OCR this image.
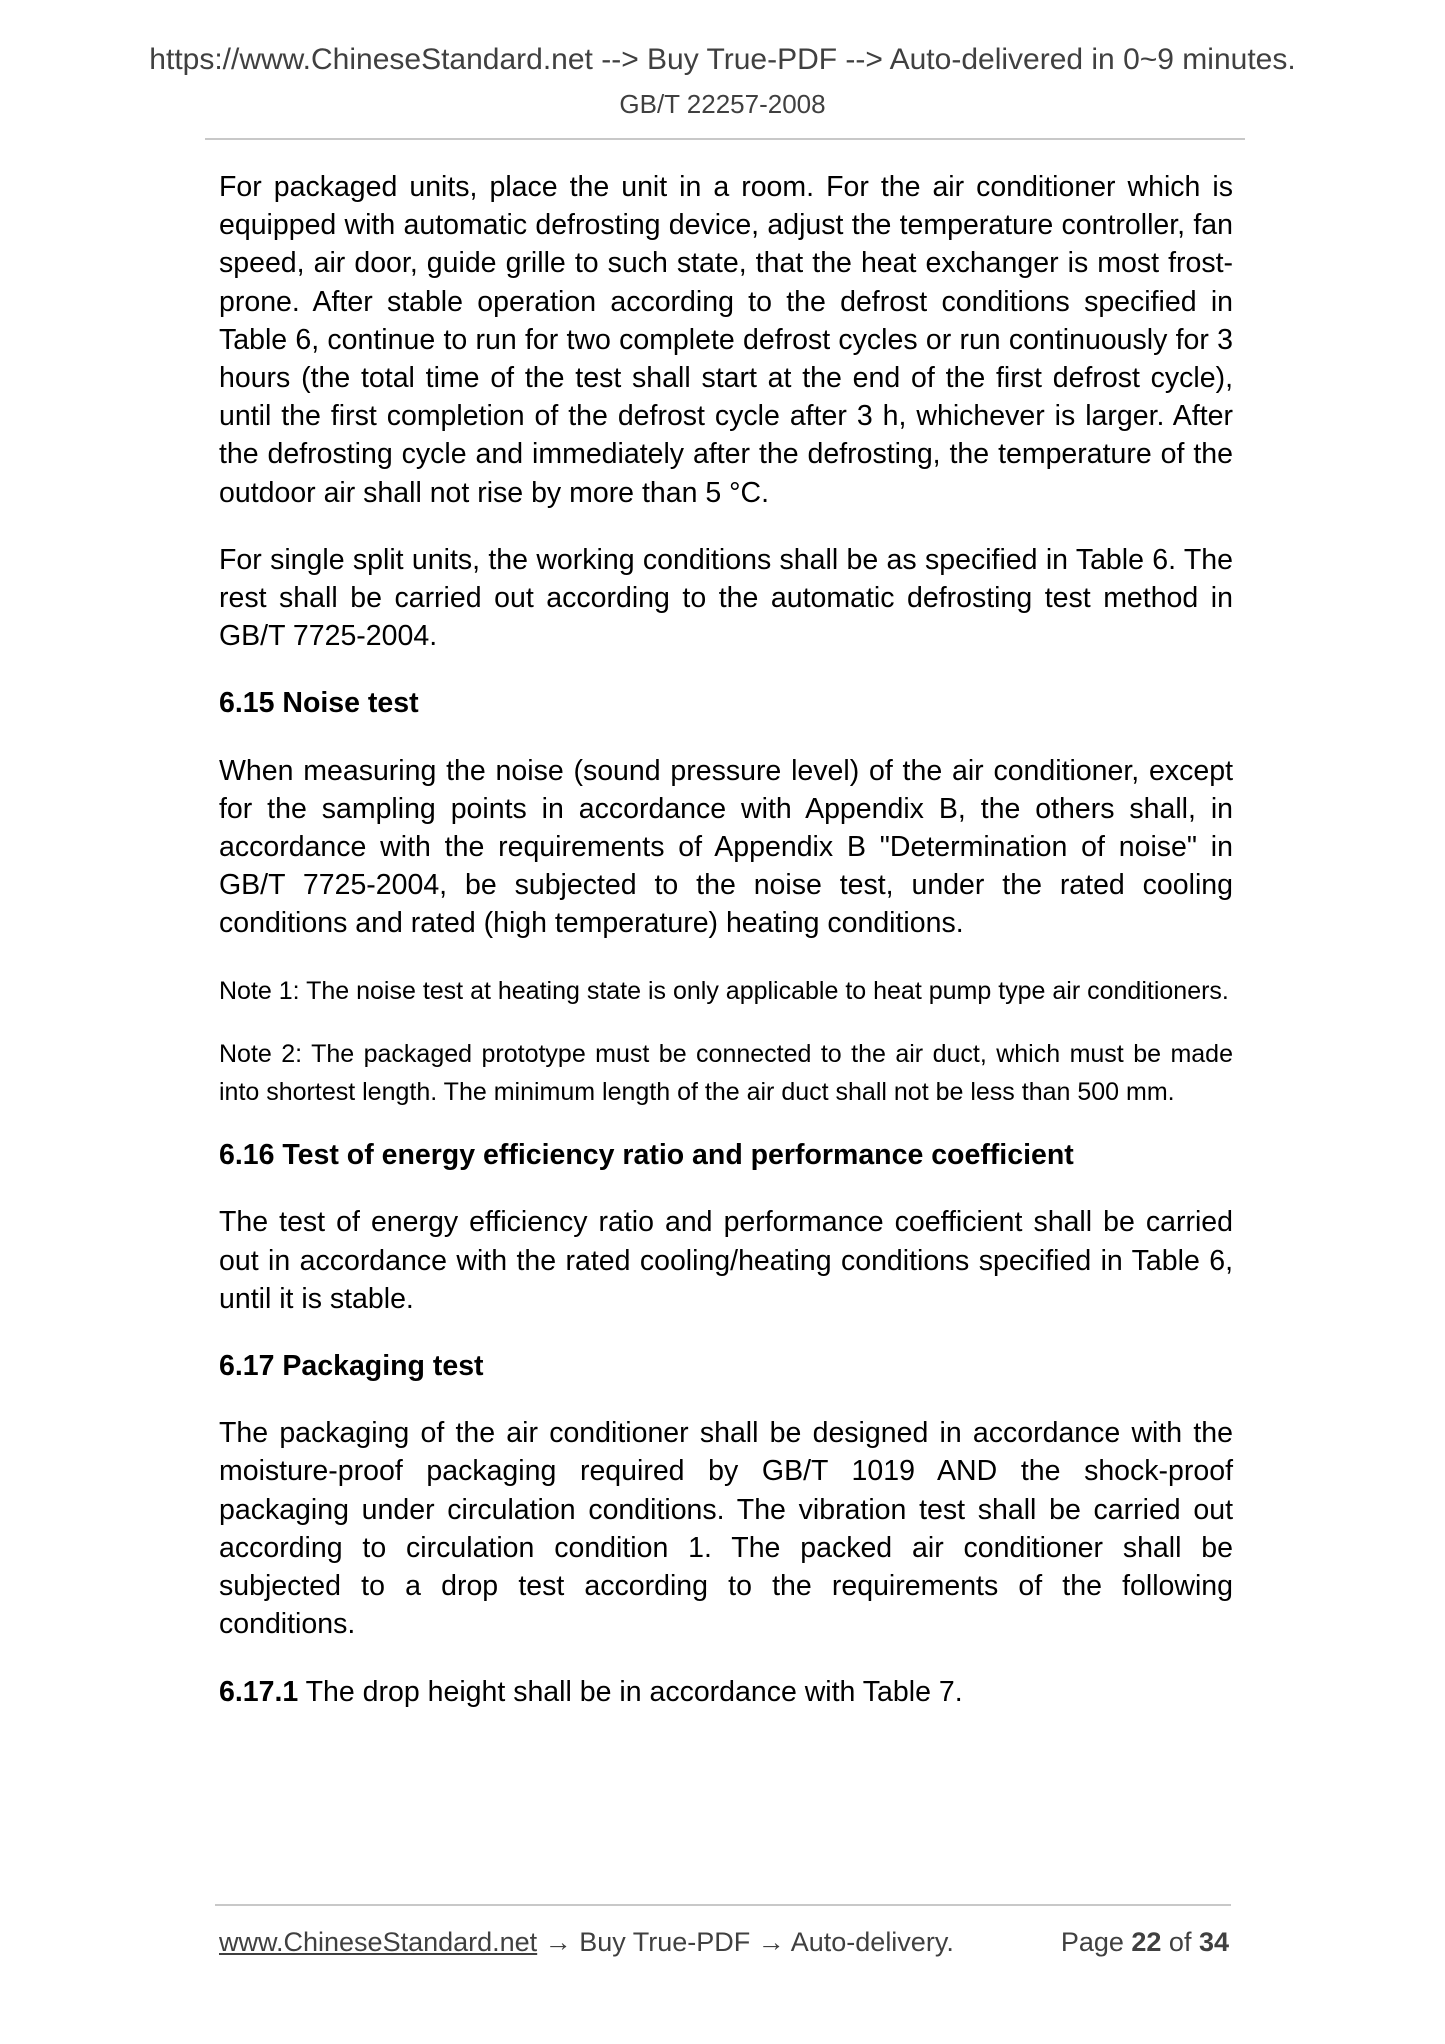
https://www.ChineseStandard.net --> Buy True-PDF --> Auto-delivered in 0~9 minutes.
GB/T 22257-2008

For packaged units, place the unit in a room. For the air conditioner which is equipped with automatic defrosting device, adjust the temperature controller, fan speed, air door, guide grille to such state, that the heat exchanger is most frost-prone. After stable operation according to the defrost conditions specified in Table 6, continue to run for two complete defrost cycles or run continuously for 3 hours (the total time of the test shall start at the end of the first defrost cycle), until the first completion of the defrost cycle after 3 h, whichever is larger. After the defrosting cycle and immediately after the defrosting, the temperature of the outdoor air shall not rise by more than 5 °C.

For single split units, the working conditions shall be as specified in Table 6. The rest shall be carried out according to the automatic defrosting test method in GB/T 7725-2004.

6.15 Noise test

When measuring the noise (sound pressure level) of the air conditioner, except for the sampling points in accordance with Appendix B, the others shall, in accordance with the requirements of Appendix B "Determination of noise" in GB/T 7725-2004, be subjected to the noise test, under the rated cooling conditions and rated (high temperature) heating conditions.

Note 1: The noise test at heating state is only applicable to heat pump type air conditioners.

Note 2: The packaged prototype must be connected to the air duct, which must be made into shortest length. The minimum length of the air duct shall not be less than 500 mm.

6.16 Test of energy efficiency ratio and performance coefficient

The test of energy efficiency ratio and performance coefficient shall be carried out in accordance with the rated cooling/heating conditions specified in Table 6, until it is stable.

6.17 Packaging test

The packaging of the air conditioner shall be designed in accordance with the moisture-proof packaging required by GB/T 1019 AND the shock-proof packaging under circulation conditions. The vibration test shall be carried out according to circulation condition 1. The packed air conditioner shall be subjected to a drop test according to the requirements of the following conditions.

6.17.1 The drop height shall be in accordance with Table 7.

www.ChineseStandard.net → Buy True-PDF → Auto-delivery.	Page 22 of 34
